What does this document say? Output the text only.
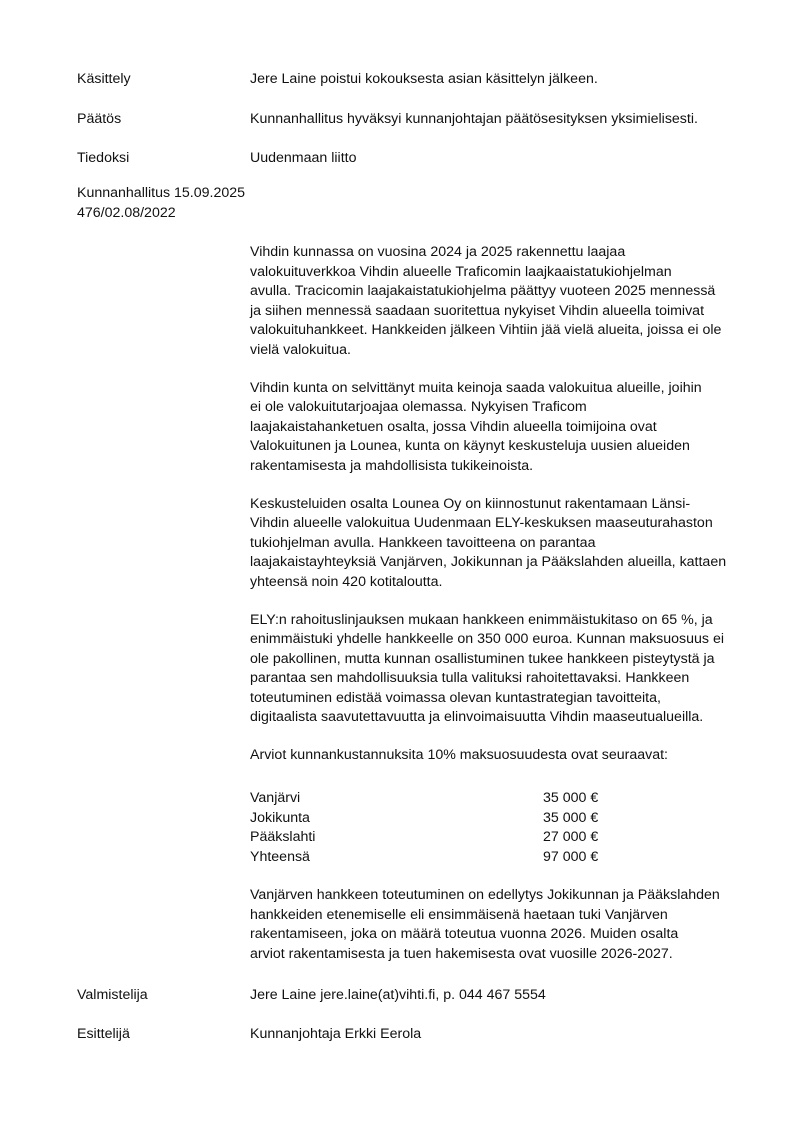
Käsittely	Jere Laine poistui kokouksesta asian käsittelyn jälkeen.
Päätös	Kunnanhallitus hyväksyi kunnanjohtajan päätösesityksen yksimielisesti.
Tiedoksi	Uudenmaan liitto
Kunnanhallitus 15.09.2025
476/02.08/2022

Vihdin kunnassa on vuosina 2024 ja 2025 rakennettu laajaa
valokuituverkkoa Vihdin alueelle Traficomin laajkaaistatukiohjelman
avulla. Tracicomin laajakaistatukiohjelma päättyy vuoteen 2025 mennessä
ja siihen mennessä saadaan suoritettua nykyiset Vihdin alueella toimivat
valokuituhankkeet. Hankkeiden jälkeen Vihtiin jää vielä alueita, joissa ei ole
vielä valokuitua.

Vihdin kunta on selvittänyt muita keinoja saada valokuitua alueille, joihin
ei ole valokuitutarjoajaa olemassa. Nykyisen Traficom
laajakaistahanketuen osalta, jossa Vihdin alueella toimijoina ovat
Valokuitunen ja Lounea, kunta on käynyt keskusteluja uusien alueiden
rakentamisesta ja mahdollisista tukikeinoista.

Keskusteluiden osalta Lounea Oy on kiinnostunut rakentamaan Länsi-
Vihdin alueelle valokuitua Uudenmaan ELY-keskuksen maaseuturahaston
tukiohjelman avulla. Hankkeen tavoitteena on parantaa
laajakaistayhteyksiä Vanjärven, Jokikunnan ja Pääkslahden alueilla, kattaen
yhteensä noin 420 kotitaloutta.

ELY:n rahoituslinjauksen mukaan hankkeen enimmäistukitaso on 65 %, ja
enimmäistuki yhdelle hankkeelle on 350 000 euroa. Kunnan maksuosuus ei
ole pakollinen, mutta kunnan osallistuminen tukee hankkeen pisteytystä ja
parantaa sen mahdollisuuksia tulla valituksi rahoitettavaksi. Hankkeen
toteutuminen edistää voimassa olevan kuntastrategian tavoitteita,
digitaalista saavutettavuutta ja elinvoimaisuutta Vihdin maaseutualueilla.

Arviot kunnankustannuksita 10% maksuosuudesta ovat seuraavat:

Vanjärvi	35 000 €
Jokikunta	35 000 €
Pääkslahti	27 000 €
Yhteensä	97 000 €

Vanjärven hankkeen toteutuminen on edellytys Jokikunnan ja Pääkslahden
hankkeiden etenemiselle eli ensimmäisenä haetaan tuki Vanjärven
rakentamiseen, joka on määrä toteutua vuonna 2026. Muiden osalta
arviot rakentamisesta ja tuen hakemisesta ovat vuosille 2026-2027.

Valmistelija	Jere Laine jere.laine(at)vihti.fi, p. 044 467 5554
Esittelijä	Kunnanjohtaja Erkki Eerola
